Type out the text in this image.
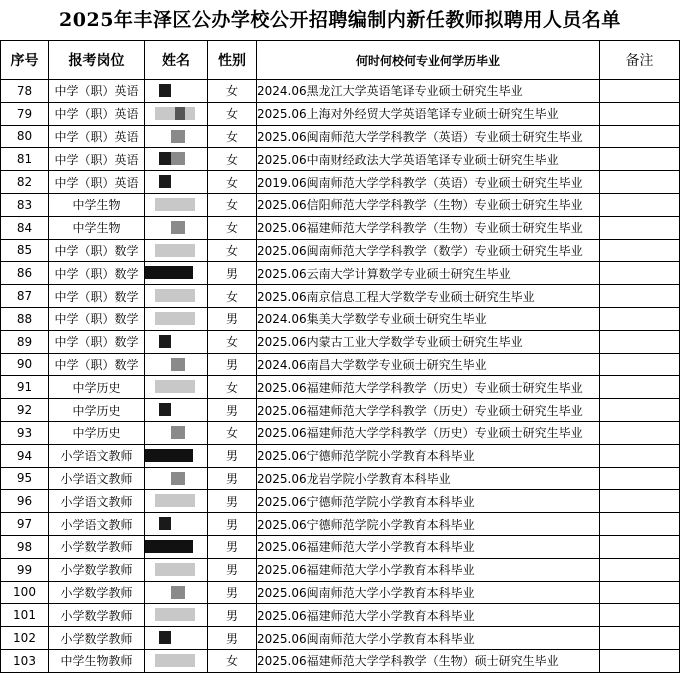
2025年丰泽区公办学校公开招聘编制内新任教师拟聘用人员名单
序号	报考岗位	姓名	性别	何时何校何专业何学历毕业	备注
78	中学（职）英语		女	2024.06黑龙江大学英语笔译专业硕士研究生毕业	
79	中学（职）英语		女	2025.06上海对外经贸大学英语笔译专业硕士研究生毕业	
80	中学（职）英语		女	2025.06闽南师范大学学科教学（英语）专业硕士研究生毕业	
81	中学（职）英语		女	2025.06中南财经政法大学英语笔译专业硕士研究生毕业	
82	中学（职）英语		女	2019.06闽南师范大学学科教学（英语）专业硕士研究生毕业	
83	中学生物		女	2025.06信阳师范大学学科教学（生物）专业硕士研究生毕业	
84	中学生物		女	2025.06福建师范大学学科教学（生物）专业硕士研究生毕业	
85	中学（职）数学		女	2025.06闽南师范大学学科教学（数学）专业硕士研究生毕业	
86	中学（职）数学		男	2025.06云南大学计算数学专业硕士研究生毕业	
87	中学（职）数学		女	2025.06南京信息工程大学数学专业硕士研究生毕业	
88	中学（职）数学		男	2024.06集美大学数学专业硕士研究生毕业	
89	中学（职）数学		女	2025.06内蒙古工业大学数学专业硕士研究生毕业	
90	中学（职）数学		男	2024.06南昌大学数学专业硕士研究生毕业	
91	中学历史		女	2025.06福建师范大学学科教学（历史）专业硕士研究生毕业	
92	中学历史		男	2025.06福建师范大学学科教学（历史）专业硕士研究生毕业	
93	中学历史		女	2025.06福建师范大学学科教学（历史）专业硕士研究生毕业	
94	小学语文教师		男	2025.06宁德师范学院小学教育本科毕业	
95	小学语文教师		男	2025.06龙岩学院小学教育本科毕业	
96	小学语文教师		男	2025.06宁德师范学院小学教育本科毕业	
97	小学语文教师		男	2025.06宁德师范学院小学教育本科毕业	
98	小学数学教师		男	2025.06福建师范大学小学教育本科毕业	
99	小学数学教师		男	2025.06福建师范大学小学教育本科毕业	
100	小学数学教师		男	2025.06闽南师范大学小学教育本科毕业	
101	小学数学教师		男	2025.06福建师范大学小学教育本科毕业	
102	小学数学教师		男	2025.06闽南师范大学小学教育本科毕业	
103	中学生物教师		女	2025.06福建师范大学学科教学（生物）硕士研究生毕业	
